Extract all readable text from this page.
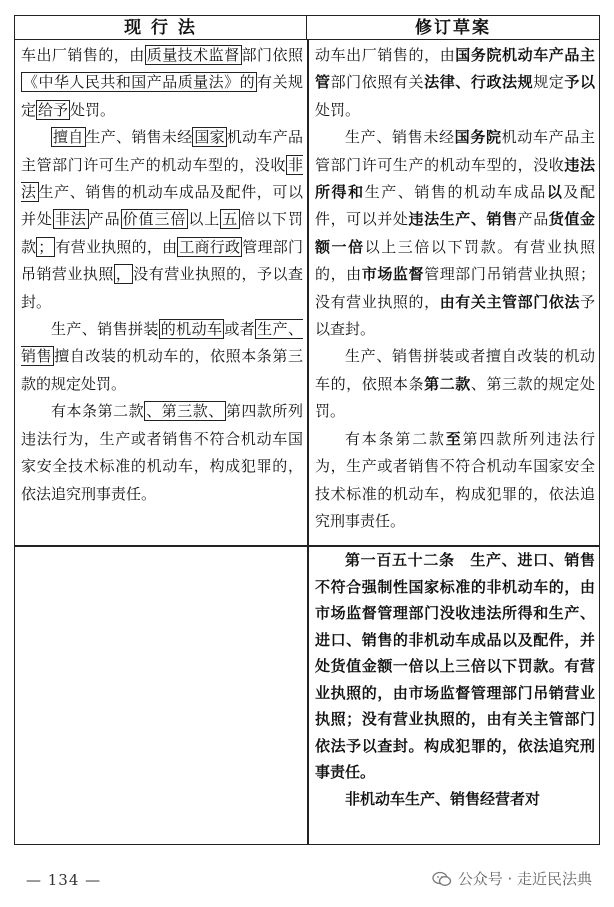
现 行 法	修订草案

车出厂销售的，由 质量技术监督 部门依照《中华人民共和国产品质量法》的 有关规定 给予 处罚。

擅自 生产、销售未经 国家 机动车产品主管部门许可生产的机动车型的，没收 非法 生产、销售的机动车成品及配件，可以并处 非法 产品 价值三倍 以上 五 倍以下罚款 ； 有营业执照的，由 工商行政 管理部门吊销营业执照 ， 没有营业执照的，予以查封。

生产、销售拼装 的机动车 或者 生产、销售 擅自改装的机动车的，依照本条第三款的规定处罚。

有本条第二款 、第三款、 第四款所列违法行为，生产或者销售不符合机动车国家安全技术标准的机动车，构成犯罪的，依法追究刑事责任。

动车出厂销售的，由国务院机动车产品主管部门依照有关法律、行政法规规定予以处罚。

生产、销售未经国务院机动车产品主管部门许可生产的机动车型的，没收违法所得和生产、销售的机动车成品以及配件，可以并处违法生产、销售产品货值金额一倍以上三倍以下罚款。有营业执照的，由市场监督管理部门吊销营业执照；没有营业执照的，由有关主管部门依法予以查封。

生产、销售拼装或者擅自改装的机动车的，依照本条第二款、第三款的规定处罚。

有本条第二款至第四款所列违法行为，生产或者销售不符合机动车国家安全技术标准的机动车，构成犯罪的，依法追究刑事责任。

第一百五十二条　生产、进口、销售不符合强制性国家标准的非机动车的，由市场监督管理部门没收违法所得和生产、进口、销售的非机动车成品以及配件，并处货值金额一倍以上三倍以下罚款。有营业执照的，由市场监督管理部门吊销营业执照；没有营业执照的，由有关主管部门依法予以查封。构成犯罪的，依法追究刑事责任。

非机动车生产、销售经营者对

— 134 —	公众号 · 走近民法典
